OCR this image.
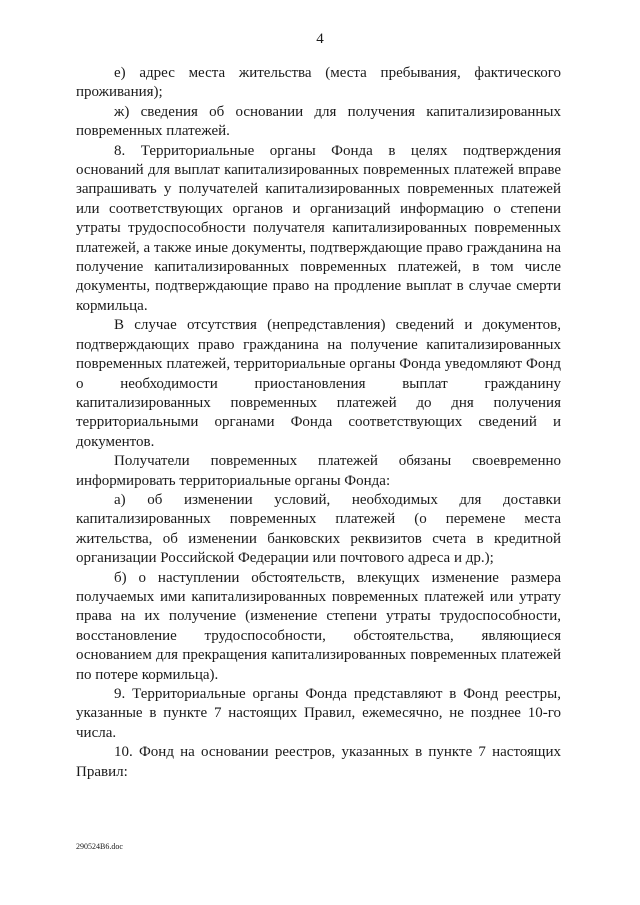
4

е) адрес места жительства (места пребывания, фактического проживания);

ж) сведения об основании для получения капитализированных повременных платежей.

8. Территориальные органы Фонда в целях подтверждения оснований для выплат капитализированных повременных платежей вправе запрашивать у получателей капитализированных повременных платежей или соответствующих органов и организаций информацию о степени утраты трудоспособности получателя капитализированных повременных платежей, а также иные документы, подтверждающие право гражданина на получение капитализированных повременных платежей, в том числе документы, подтверждающие право на продление выплат в случае смерти кормильца.

В случае отсутствия (непредставления) сведений и документов, подтверждающих право гражданина на получение капитализированных повременных платежей, территориальные органы Фонда уведомляют Фонд о необходимости приостановления выплат гражданину капитализированных повременных платежей до дня получения территориальными органами Фонда соответствующих сведений и документов.

Получатели повременных платежей обязаны своевременно информировать территориальные органы Фонда:

а) об изменении условий, необходимых для доставки капитализированных повременных платежей (о перемене места жительства, об изменении банковских реквизитов счета в кредитной организации Российской Федерации или почтового адреса и др.);

б) о наступлении обстоятельств, влекущих изменение размера получаемых ими капитализированных повременных платежей или утрату права на их получение (изменение степени утраты трудоспособности, восстановление трудоспособности, обстоятельства, являющиеся основанием для прекращения капитализированных повременных платежей по потере кормильца).

9. Территориальные органы Фонда представляют в Фонд реестры, указанные в пункте 7 настоящих Правил, ежемесячно, не позднее 10-го числа.

10. Фонд на основании реестров, указанных в пункте 7 настоящих Правил:

290524В6.doc
